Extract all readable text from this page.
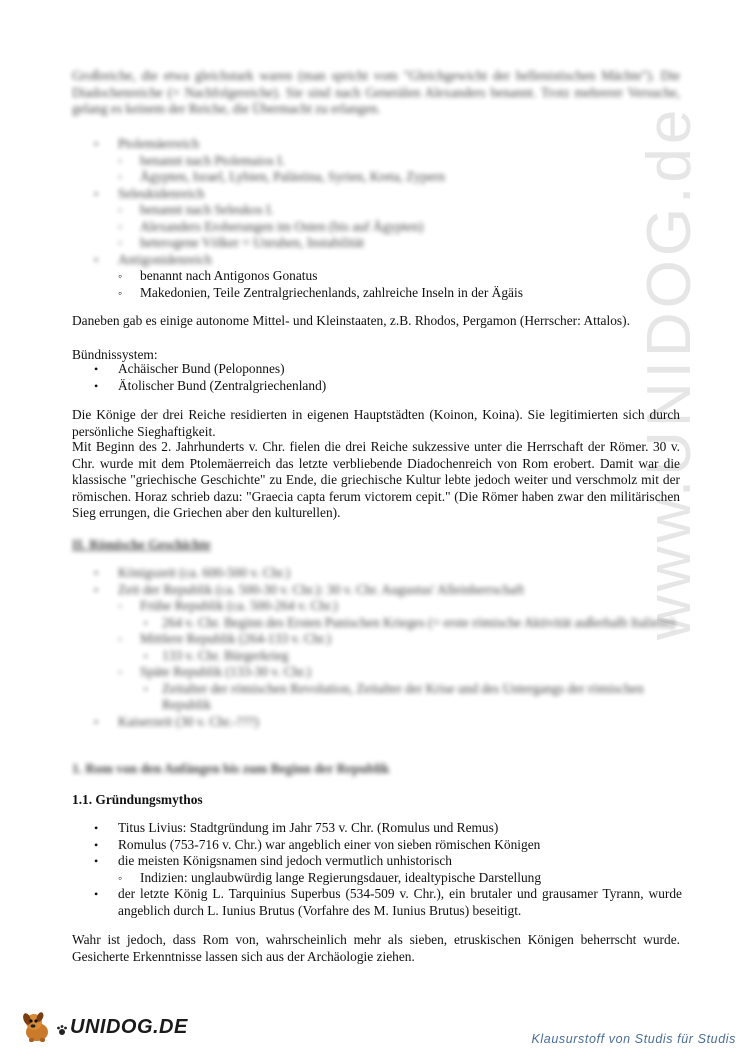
www.UNIDOG.de

Großreiche, die etwa gleichstark waren (man spricht vom "Gleichgewicht der hellenistischen Mächte"). Die Diadochenreiche (= Nachfolgereiche). Sie sind nach Generälen Alexanders benannt. Trotz mehrerer Versuche, gelang es keinem der Reiche, die Übermacht zu erlangen.

• Ptolemäerreich
◦ benannt nach Ptolemaios I.
◦ Ägypten, Israel, Lybien, Palästina, Syrien, Kreta, Zypern
• Seleukidenreich
◦ benannt nach Seleukos I.
◦ Alexanders Eroberungen im Osten (bis auf Ägypten)
◦ heterogene Völker = Unruhen, Instabilität
• Antigonidenreich
◦ benannt nach Antigonos Gonatus
◦ Makedonien, Teile Zentralgriechenlands, zahlreiche Inseln in der Ägäis

Daneben gab es einige autonome Mittel- und Kleinstaaten, z.B. Rhodos, Pergamon (Herrscher: Attalos).

Bündnissystem:

• Achäischer Bund (Peloponnes)
• Ätolischer Bund (Zentralgriechenland)

Die Könige der drei Reiche residierten in eigenen Hauptstädten (Koinon, Koina). Sie legitimierten sich durch persönliche Sieghaftigkeit.

Mit Beginn des 2. Jahrhunderts v. Chr. fielen die drei Reiche sukzessive unter die Herrschaft der Römer. 30 v. Chr. wurde mit dem Ptolemäerreich das letzte verbliebende Diadochenreich von Rom erobert. Damit war die klassische "griechische Geschichte" zu Ende, die griechische Kultur lebte jedoch weiter und verschmolz mit der römischen. Horaz schrieb dazu: "Graecia capta ferum victorem cepit." (Die Römer haben zwar den militärischen Sieg errungen, die Griechen aber den kulturellen).

II. Römische Geschichte
• Königszeit (ca. 600-500 v. Chr.)
• Zeit der Republik (ca. 500-30 v. Chr.): 30 v. Chr. Augustus' Alleinherrschaft
◦ Frühe Republik (ca. 500-264 v. Chr.)
▪ 264 v. Chr. Beginn des Ersten Punischen Krieges (= erste römische Aktivität außerhalb Italiens)
◦ Mittlere Republik (264-133 v. Chr.)
▪ 133 v. Chr. Bürgerkrieg
◦ Späte Republik (133-30 v. Chr.)
▪ Zeitalter der römischen Revolution, Zeitalter der Krise und des Untergangs der römischen Republik
• Kaiserzeit (30 v. Chr.-???)
1. Rom von den Anfängen bis zum Beginn der Republik
1.1. Gründungsmythos
• Titus Livius: Stadtgründung im Jahr 753 v. Chr. (Romulus und Remus)
• Romulus (753-716 v. Chr.) war angeblich einer von sieben römischen Königen
• die meisten Königsnamen sind jedoch vermutlich unhistorisch
◦ Indizien: unglaubwürdig lange Regierungsdauer, idealtypische Darstellung
• der letzte König L. Tarquinius Superbus (534-509 v. Chr.), ein brutaler und grausamer Tyrann, wurde angeblich durch L. Iunius Brutus (Vorfahre des M. Iunius Brutus) beseitigt.

Wahr ist jedoch, dass Rom von, wahrscheinlich mehr als sieben, etruskischen Königen beherrscht wurde. Gesicherte Erkenntnisse lassen sich aus der Archäologie ziehen.

UNIDOG.DE
Klausurstoff von Studis für Studis
